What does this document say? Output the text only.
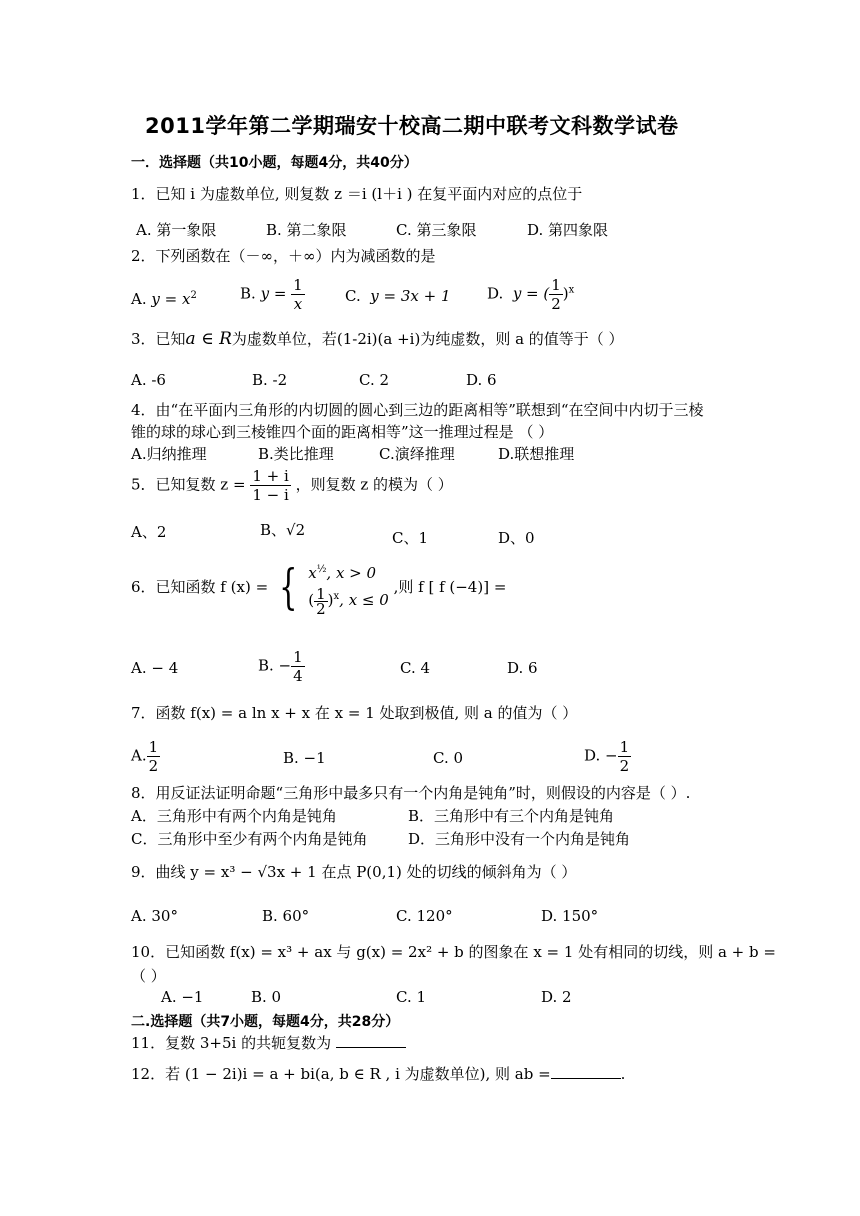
2011学年第二学期瑞安十校高二期中联考文科数学试卷
一．选择题（共10小题，每题4分，共40分）
1．已知 i 为虚数单位, 则复数 z ＝i (l＋i ) 在复平面内对应的点位于
A. 第一象限	B. 第二象限	C. 第三象限	D. 第四象限
2．下列函数在（－∞，＋∞）内为减函数的是
A. $y = x^2$	B. $y = \frac{1}{x}$	C. y = 3x + 1 D. y = ( $\frac{1}{2} )^x$
3．已知a ∈ R为虚数单位，若(1-2i)(a +i)为纯虚数，则 a 的值等于（ ）
A. -6	B. -2	C. 2	D. 6
4．由“在平面内三角形的内切圆的圆心到三边的距离相等”联想到“在空间中内切于三棱
锥的球的球心到三棱锥四个面的距离相等”这一推理过程是 （ ）
A.归纳推理	B.类比推理	C.演绎推理	D.联想推理
5．已知复数 $z = \frac{1 + i}{1 - i}$ ，则复数 z 的模为（ ）
A、2	B、√2	C、1	D、0
6．已知函数 f (x) = { $x^{\frac{1}{2}}$, x > 0
( $\frac{1}{2} )^x$, x ≤ 0
,则 f [ f (−4)] =
A. − 4	B. − $\frac{1}{4}$	C. 4	D. 6
7．函数 f(x) = a ln x + x 在 x = 1 处取到极值, 则 a 的值为（ ）
A. $\frac{1}{2}$	B. −1	C. 0	D. − $\frac{1}{2}$
8．用反证法证明命题“三角形中最多只有一个内角是钝角”时，则假设的内容是（ ）.
A．三角形中有两个内角是钝角	B．三角形中有三个内角是钝角
C．三角形中至少有两个内角是钝角	D．三角形中没有一个内角是钝角
9．曲线 y = x³ − √3x + 1 在点 P(0,1) 处的切线的倾斜角为（ ）
A. 30°	B. 60°	C. 120°	D. 150°
10．已知函数 f(x) = x³ + ax 与 g(x) = 2x² + b 的图象在 x = 1 处有相同的切线，则 a + b =
（ ）
A. −1	B. 0	C. 1	D. 2
二.选择题（共7小题，每题4分，共28分）
11．复数 3+5i 的共轭复数为
12．若 (1 − 2i)i = a + bi(a, b ∈ R , i 为虚数单位), 则 ab =	.
